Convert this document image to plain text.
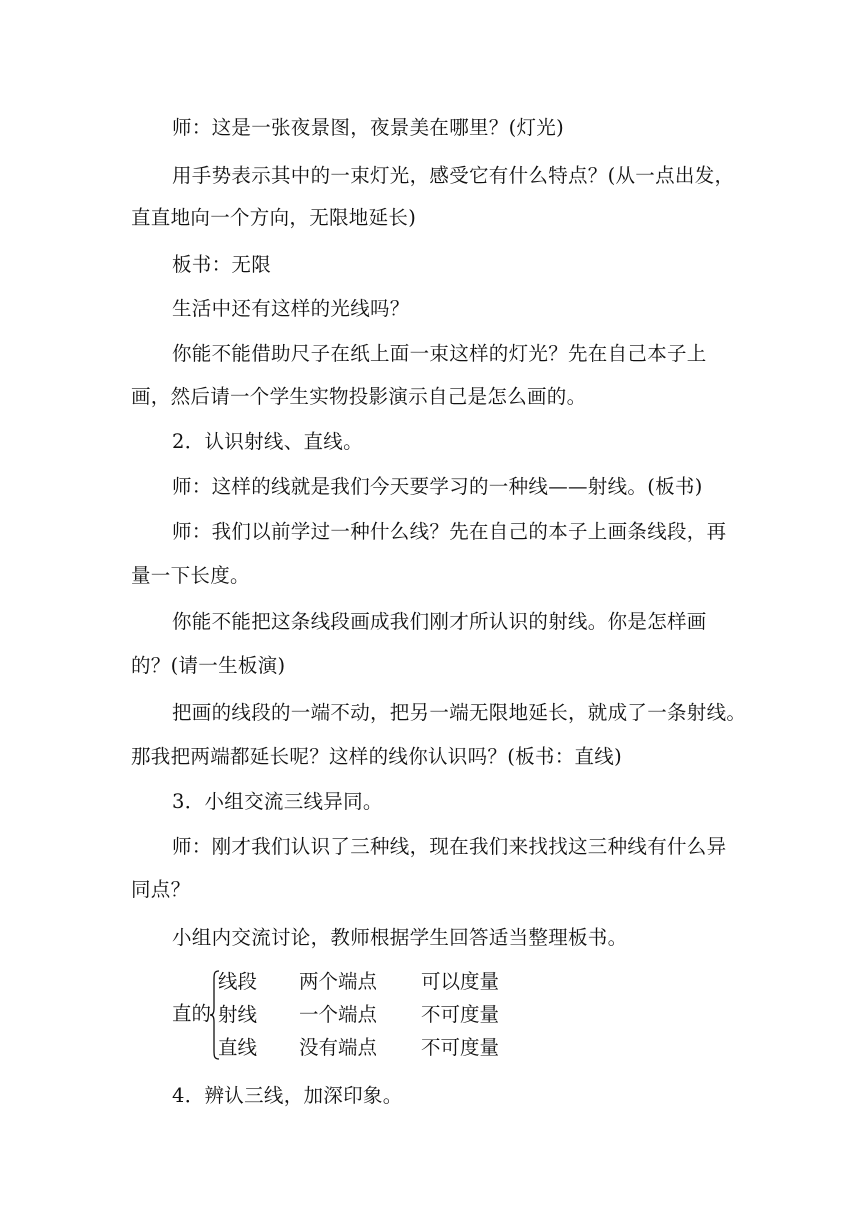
师：这是一张夜景图，夜景美在哪里？(灯光)
用手势表示其中的一束灯光，感受它有什么特点？(从一点出发，
直直地向一个方向，无限地延长)
板书：无限
生活中还有这样的光线吗？
你能不能借助尺子在纸上面一束这样的灯光？先在自己本子上
画，然后请一个学生实物投影演示自己是怎么画的。
2．认识射线、直线。
师：这样的线就是我们今天要学习的一种线——射线。(板书)
师：我们以前学过一种什么线？先在自己的本子上画条线段，再
量一下长度。
你能不能把这条线段画成我们刚才所认识的射线。你是怎样画
的？(请一生板演)
把画的线段的一端不动，把另一端无限地延长，就成了一条射线。
那我把两端都延长呢？这样的线你认识吗？(板书：直线)
3．小组交流三线异同。
师：刚才我们认识了三种线，现在我们来找找这三种线有什么异
同点？
小组内交流讨论，教师根据学生回答适当整理板书。
直的
线段 两个端点 可以度量
射线 一个端点 不可度量
直线 没有端点 不可度量
4．辨认三线，加深印象。
